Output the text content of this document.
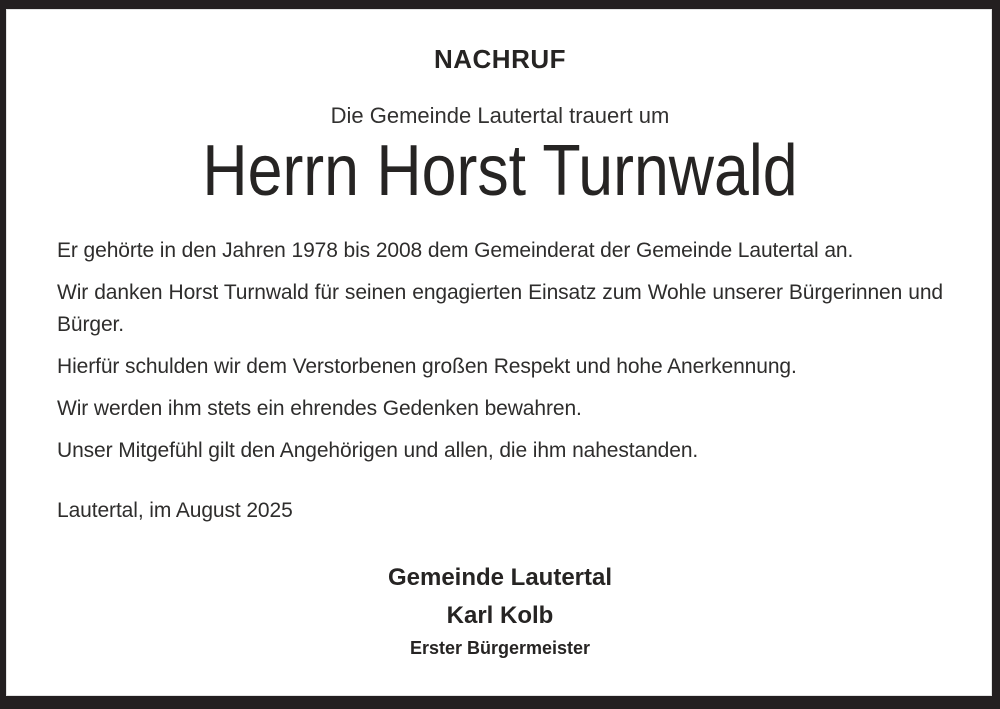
NACHRUF
Die Gemeinde Lautertal trauert um
Herrn Horst Turnwald

Er gehörte in den Jahren 1978 bis 2008 dem Gemeinderat der Gemeinde Lautertal an.

Wir danken Horst Turnwald für seinen engagierten Einsatz zum Wohle unserer Bürgerinnen und Bürger.

Hierfür schulden wir dem Verstorbenen großen Respekt und hohe Anerkennung.

Wir werden ihm stets ein ehrendes Gedenken bewahren.

Unser Mitgefühl gilt den Angehörigen und allen, die ihm nahestanden.

Lautertal, im August 2025
Gemeinde Lautertal
Karl Kolb
Erster Bürgermeister
